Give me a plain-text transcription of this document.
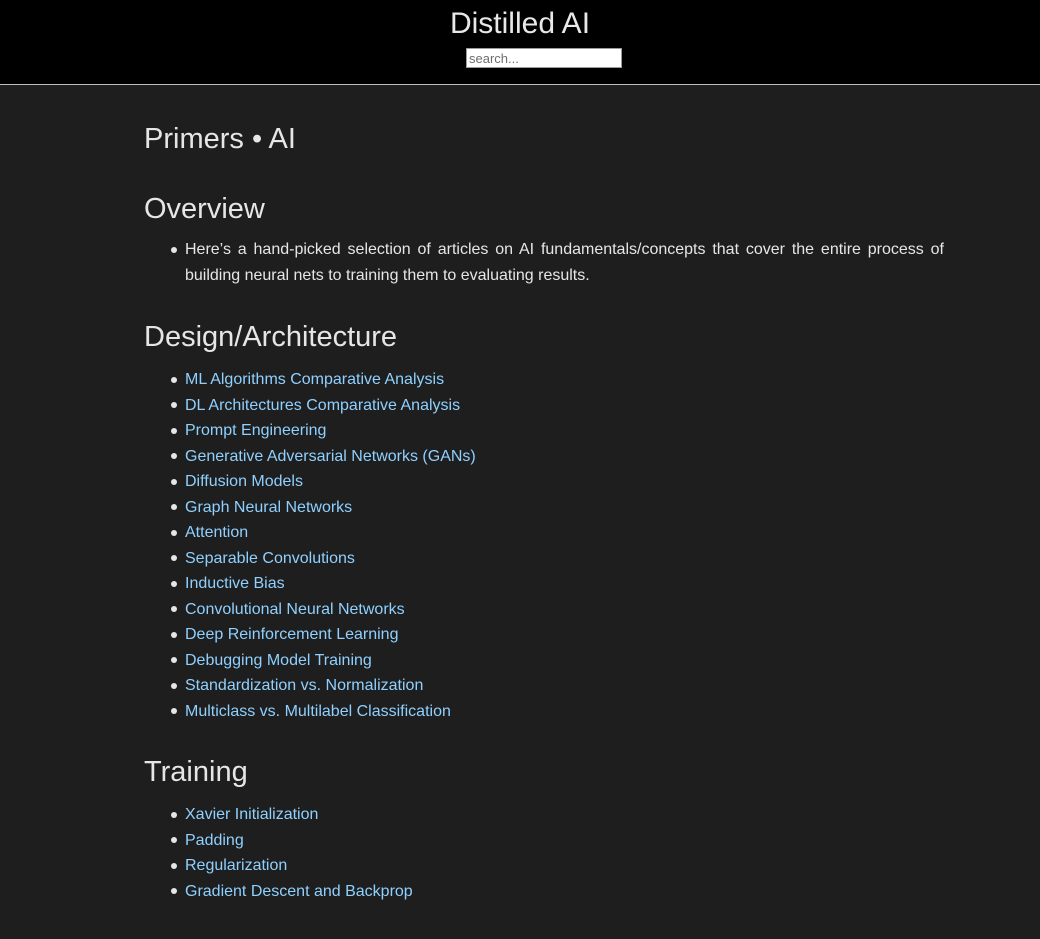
Distilled AI
search...
Primers • AI
Overview
Here’s a hand-picked selection of articles on AI fundamentals/concepts that cover the entire process of building neural nets to training them to evaluating results.
Design/Architecture
ML Algorithms Comparative Analysis
DL Architectures Comparative Analysis
Prompt Engineering
Generative Adversarial Networks (GANs)
Diffusion Models
Graph Neural Networks
Attention
Separable Convolutions
Inductive Bias
Convolutional Neural Networks
Deep Reinforcement Learning
Debugging Model Training
Standardization vs. Normalization
Multiclass vs. Multilabel Classification
Training
Xavier Initialization
Padding
Regularization
Gradient Descent and Backprop
